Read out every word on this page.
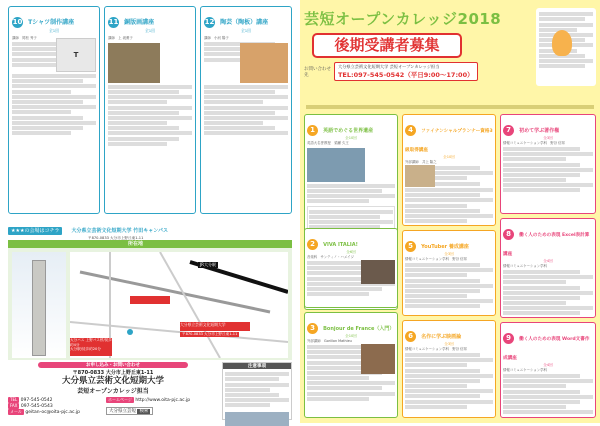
10 Tシャツ制作講座
全1回
T
講師　岡松 秀子
11 銅版画講座
全1回
講師　上 坂薫子
12 陶芸（陶板）講座
全1回
講師　小河 陽子
★★★の会場はコチラ 大分県立芸術文化短期大学 竹田キャンパス
〒870-0833 大分市上野丘東1-11
所在地
JR大分駅
大分県立芸術文化短期大学
大分バス 上野バス停/徒歩約4分
大分駅/徒歩約20分
〒870-0833 大分市上野丘東1-11
お申し込み・お問い合わせ
〒870-0833 大分市上野丘東1-11
大分県立芸術文化短期大学
芸短オープンカレッジ担当
TEL 097-545-0542
FAX 097-545-0543
メール geitan-oc@oita-pjc.ac.jp
ホームページ http://www.oita-pjc.ac.jp
大分県立芸短 検索
注意事項
芸短オープンカレッジ2018
後期受講者募集
お問い合わせ先
大分県立芸術文化短期大学 芸短オープンカレッジ担当
TEL:097-545-0542（平日9:00〜17:00）
1 英語でめぐる世界遺産
全10回
英語大名誉教授　梁瀬 久王
2 VIVA ITALIA!
全6回
音楽科　サンティノ・ハメイジ
3 Bonjour de France（入門）
全10回
外部講師　Gorillon Mathieu
4 ファイナンシャルプランナー資格3級取得講座
全10回
外部講師　井上 隆之
5 YouTuber 養成講座
全3回
情報コミュニケーション学科　野谷 信邦
6 名作に学ぶ映画論
全3回
情報コミュニケーション学科　野谷 信邦
7 初めて学ぶ著作権
全3回
情報コミュニケーション学科　野谷 信邦
8 働く人のための表現 Excel表計算講座
全4回
情報コミュニケーション学科
9 働く人のための表現 Word文書作成講座
全4回
情報コミュニケーション学科
